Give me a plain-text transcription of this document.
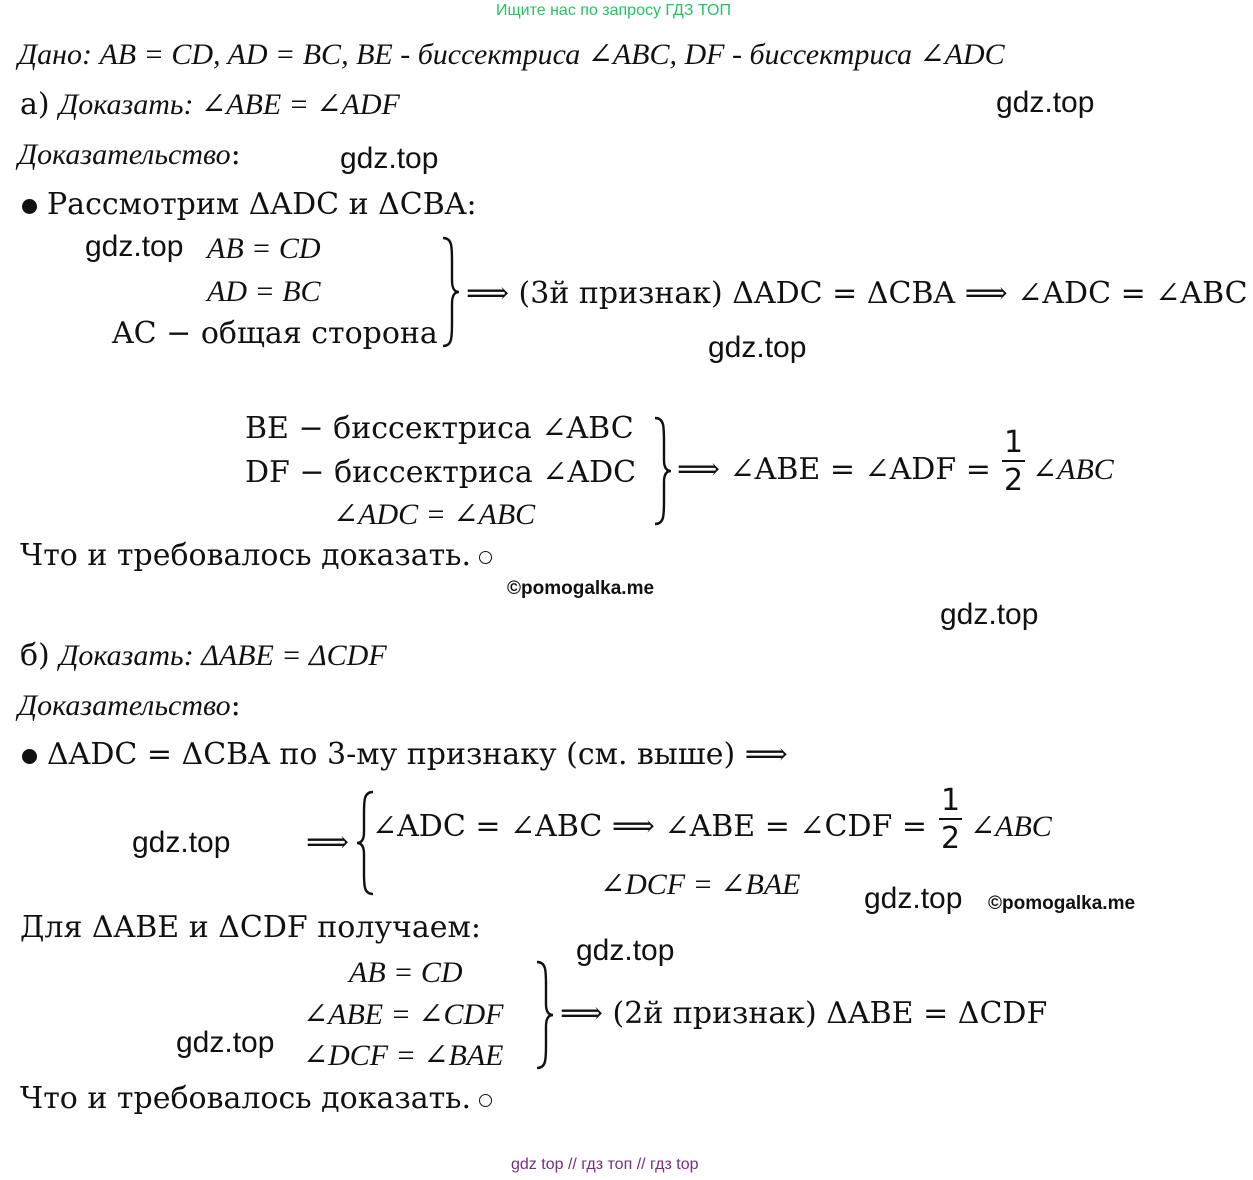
Ищите нас по запросу ГДЗ ТОП
Дано: AB = CD, AD = BC, BE - биссектриса ∠ABC, DF - биссектриса ∠ADC
а) Доказать: ∠ABE = ∠ADF	gdz.top
Доказательство:	gdz.top
Рассмотрим ΔADC и ΔCBA:
gdz.top AB = CD
AD = BC
AC − общая сторона
⟹ (3й признак) ΔADC = ΔCBA ⟹ ∠ADC = ∠ABC
gdz.top
BE − биссектриса ∠ABC
DF − биссектриса ∠ADC
∠ADC = ∠ABC
⟹ ∠ABE = ∠ADF = $\frac{1}{2}$ ∠ABC
Что и требовалось доказать.
©pomogalka.me
gdz.top
б) Доказать: ΔABE = ΔCDF
Доказательство:
ΔADC = ΔCBA по 3-му признаку (см. выше) ⟹
gdz.top	⟹ ∠ADC = ∠ABC ⟹ ∠ABE = ∠CDF = $\frac{1}{2}$ ∠ABC
∠DCF = ∠BAE gdz.top ©pomogalka.me
Для ΔABE и ΔCDF получаем:
gdz.top
AB = CD
∠ABE = ∠CDF
∠DCF = ∠BAE
gdz.top
⟹ (2й признак) ΔABE = ΔCDF
Что и требовалось доказать.
gdz top // гдз топ // гдз top
